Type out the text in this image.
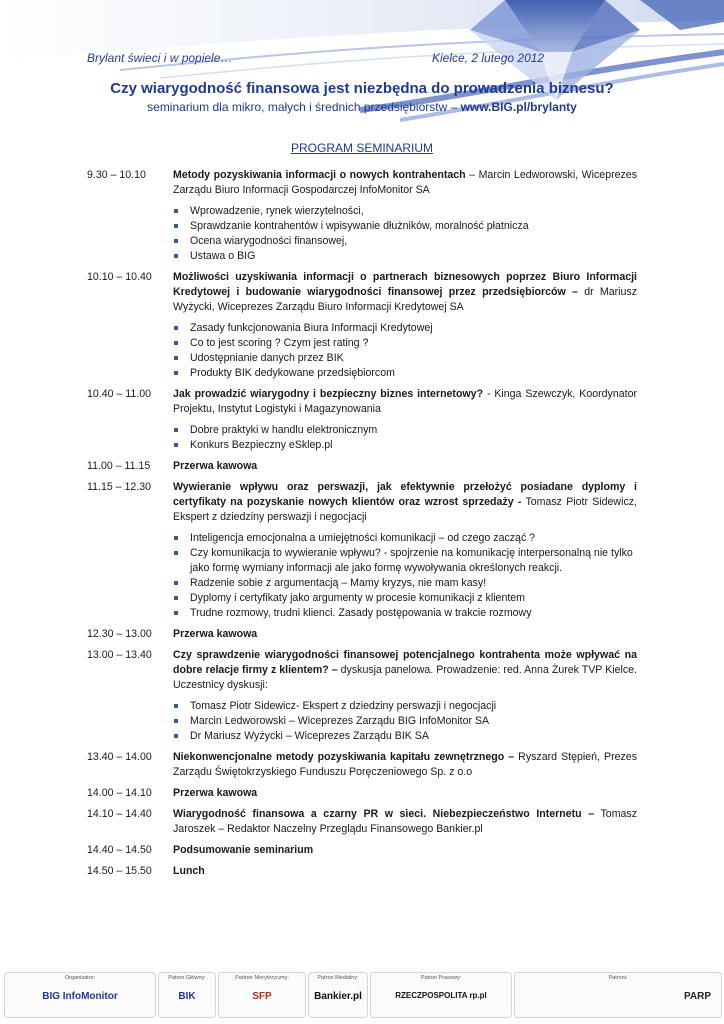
Brylant świeci i w popiele…	Kielce, 2 lutego 2012
Czy wiarygodność finansowa jest niezbędna do prowadzenia biznesu?
seminarium dla mikro, małych i średnich przedsiębiorstw – www.BIG.pl/brylanty
PROGRAM SEMINARIUM
9.30 – 10.10	Metody pozyskiwania informacji o nowych kontrahentach – Marcin Ledworowski, Wiceprezes Zarządu Biuro Informacji Gospodarczej InfoMonitor SA
Wprowadzenie, rynek wierzytelności,
Sprawdzanie kontrahentów i wpisywanie dłużników, moralność płatnicza
Ocena wiarygodności finansowej,
Ustawa o BIG
10.10 – 10.40	Możliwości uzyskiwania informacji o partnerach biznesowych poprzez Biuro Informacji Kredytowej i budowanie wiarygodności finansowej przez przedsiębiorców – dr Mariusz Wyżycki, Wiceprezes Zarządu Biuro Informacji Kredytowej SA
Zasady funkcjonowania Biura Informacji Kredytowej
Co to jest scoring ? Czym jest rating ?
Udostępnianie danych przez BIK
Produkty BIK dedykowane przedsiębiorcom
10.40 – 11.00	Jak prowadzić wiarygodny i bezpieczny biznes internetowy? - Kinga Szewczyk, Koordynator Projektu, Instytut Logistyki i Magazynowania
Dobre praktyki w handlu elektronicznym
Konkurs Bezpieczny eSklep.pl
11.00 – 11.15	Przerwa kawowa
11.15 – 12.30	Wywieranie wpływu oraz perswazji, jak efektywnie przełożyć posiadane dyplomy i certyfikaty na pozyskanie nowych klientów oraz wzrost sprzedaży - Tomasz Piotr Sidewicz, Ekspert z dziedziny perswazji i negocjacji
Inteligencja emocjonalna a umiejętności komunikacji – od czego zacząć ?
Czy komunikacja to wywieranie wpływu? - spojrzenie na komunikację interpersonalną nie tylko jako formę wymiany informacji ale jako formę wywoływania określonych reakcji.
Radzenie sobie z argumentacją – Mamy kryzys, nie mam kasy!
Dyplomy i certyfikaty jako argumenty w procesie komunikacji z klientem
Trudne rozmowy, trudni klienci. Zasady postępowania w trakcie rozmowy
12.30 – 13.00	Przerwa kawowa
13.00 – 13.40	Czy sprawdzenie wiarygodności finansowej potencjalnego kontrahenta może wpływać na dobre relacje firmy z klientem? – dyskusja panelowa. Prowadzenie: red. Anna Żurek TVP Kielce. Uczestnicy dyskusji:
Tomasz Piotr Sidewicz- Ekspert z dziedziny perswazji i negocjacji
Marcin Ledworowski – Wiceprezes Zarządu BIG InfoMonitor SA
Dr Mariusz Wyżycki – Wiceprezes Zarządu BIK SA
13.40 – 14.00	Niekonwencjonalne metody pozyskiwania kapitału zewnętrznego – Ryszard Stępień, Prezes Zarządu Świętokrzyskiego Funduszu Poręczeniowego Sp. z o.o
14.00 – 14.10	Przerwa kawowa
14.10 – 14.40	Wiarygodność finansowa a czarny PR w sieci. Niebezpieczeństwo Internetu – Tomasz Jaroszek – Redaktor Naczelny Przeglądu Finansowego Bankier.pl
14.40 – 14.50	Podsumowanie seminarium
14.50 – 15.50	Lunch
Organizator:
BIG InfoMonitor
Patron Główny:
BIK
Partner Merytoryczny:
SFP
Patron Medialny:
Bankier.pl
Patron Prasowy:
RZECZPOSPOLITA rp.pl
Patroni:
PARP
